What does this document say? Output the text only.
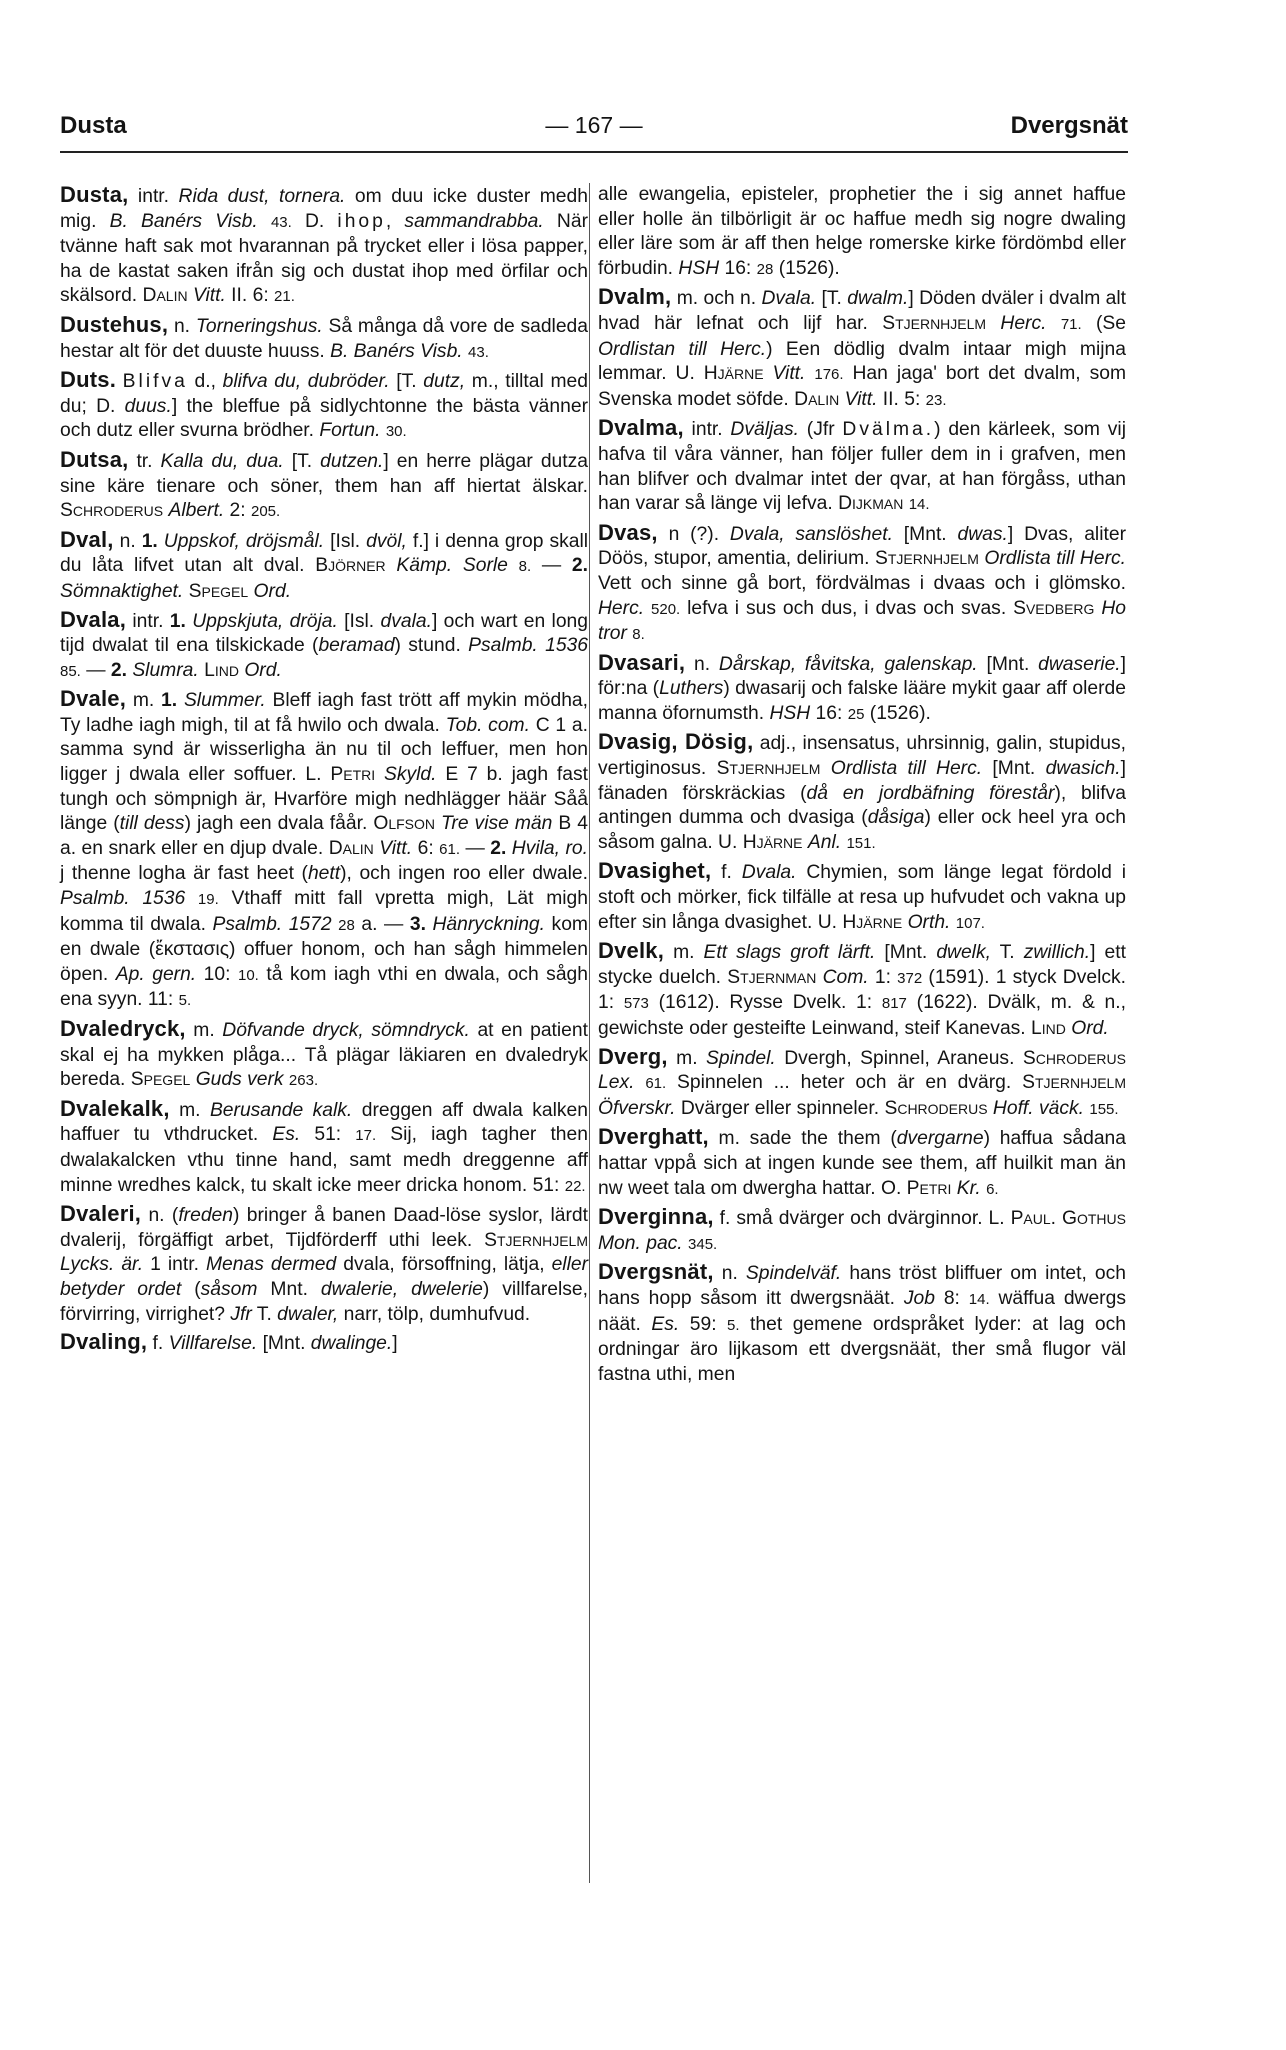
Dusta	— 167 —	Dvergsnät

Dusta, intr. Rida dust, tornera. om duu icke duster medh mig. B. Banérs Visb. 43. D. ihop, sammandrabba. När tvänne haft sak mot hvarannan på trycket eller i lösa papper, ha de kastat saken ifrån sig och dustat ihop med örfilar och skälsord. Dalin Vitt. II. 6: 21.

Dustehus, n. Torneringshus. Så många då vore de sadleda hestar alt för det duuste huuss. B. Banérs Visb. 43.

Duts. Blifva d., blifva du, dubröder. [T. dutz, m., tilltal med du; D. duus.] the bleffue på sidlychtonne the bästa vänner och dutz eller svurna brödher. Fortun. 30.

Dutsa, tr. Kalla du, dua. [T. dutzen.] en herre plägar dutza sine käre tienare och söner, them han aff hiertat älskar. Schroderus Albert. 2: 205.

Dval, n. 1. Uppskof, dröjsmål. [Isl. dvöl, f.] i denna grop skall du låta lifvet utan alt dval. Björner Kämp. Sorle 8. — 2. Sömnaktighet. Spegel Ord.

Dvala, intr. 1. Uppskjuta, dröja. [Isl. dvala.] och wart en long tijd dwalat til ena tilskickade (beramad) stund. Psalmb. 1536 85. — 2. Slumra. Lind Ord.

Dvale, m. 1. Slummer. Bleff iagh fast trött aff mykin mödha, Ty ladhe iagh migh, til at få hwilo och dwala. Tob. com. C 1 a. samma synd är wisserligha än nu til och leffuer, men hon ligger j dwala eller soffuer. L. Petri Skyld. E 7 b. jagh fast tungh och sömpnigh är, Hvarföre migh nedhlägger häär Såå länge (till dess) jagh een dvala fåår. Olfson Tre vise män B 4 a. en snark eller en djup dvale. Dalin Vitt. 6: 61. — 2. Hvila, ro. j thenne logha är fast heet (hett), och ingen roo eller dwale. Psalmb. 1536 19. Vthaff mitt fall vpretta migh, Lät migh komma til dwala. Psalmb. 1572 28 a. — 3. Hänryckning. kom en dwale (ἔκστασις) offuer honom, och han sågh himmelen öpen. Ap. gern. 10: 10. tå kom iagh vthi en dwala, och sågh ena syyn. 11: 5.

Dvaledryck, m. Döfvande dryck, sömndryck. at en patient skal ej ha mykken plåga... Tå plägar läkiaren en dvaledryk bereda. Spegel Guds verk 263.

Dvalekalk, m. Berusande kalk. dreggen aff dwala kalken haffuer tu vthdrucket. Es. 51: 17. Sij, iagh tagher then dwalakalcken vthu tinne hand, samt medh dreggenne aff minne wredhes kalck, tu skalt icke meer dricka honom. 51: 22.

Dvaleri, n. (freden) bringer å banen Daad-löse syslor, lärdt dvalerij, förgäffigt arbet, Tijdförderff uthi leek. Stjernhjelm Lycks. är. 1 intr. Menas dermed dvala, försoffning, lätja, eller betyder ordet (såsom Mnt. dwalerie, dwelerie) villfarelse, förvirring, virrighet? Jfr T. dwaler, narr, tölp, dumhufvud.

Dvaling, f. Villfarelse. [Mnt. dwalinge.]

alle ewangelia, episteler, prophetier the i sig annet haffue eller holle än tilbörligit är oc haffue medh sig nogre dwaling eller läre som är aff then helge romerske kirke fördömbd eller förbudin. HSH 16: 28 (1526).

Dvalm, m. och n. Dvala. [T. dwalm.] Döden dväler i dvalm alt hvad här lefnat och lijf har. Stjernhjelm Herc. 71. (Se Ordlistan till Herc.) Een dödlig dvalm intaar migh mijna lemmar. U. Hjärne Vitt. 176. Han jaga' bort det dvalm, som Svenska modet söfde. Dalin Vitt. II. 5: 23.

Dvalma, intr. Dväljas. (Jfr Dvälma.) den kärleek, som vij hafva til våra vänner, han följer fuller dem in i grafven, men han blifver och dvalmar intet der qvar, at han förgåss, uthan han varar så länge vij lefva. Dijkman 14.

Dvas, n (?). Dvala, sanslöshet. [Mnt. dwas.] Dvas, aliter Döös, stupor, amentia, delirium. Stjernhjelm Ordlista till Herc. Vett och sinne gå bort, fördvälmas i dvaas och i glömsko. Herc. 520. lefva i sus och dus, i dvas och svas. Svedberg Ho tror 8.

Dvasari, n. Dårskap, fåvitska, galenskap. [Mnt. dwaserie.] för:na (Luthers) dwasarij och falske lääre mykit gaar aff olerde manna öfornumsth. HSH 16: 25 (1526).

Dvasig, Dösig, adj., insensatus, uhrsinnig, galin, stupidus, vertiginosus. Stjernhjelm Ordlista till Herc. [Mnt. dwasich.] fänaden förskräckias (då en jordbäfning förestår), blifva antingen dumma och dvasiga (dåsiga) eller ock heel yra och såsom galna. U. Hjärne Anl. 151.

Dvasighet, f. Dvala. Chymien, som länge legat fördold i stoft och mörker, fick tilfälle at resa up hufvudet och vakna up efter sin långa dvasighet. U. Hjärne Orth. 107.

Dvelk, m. Ett slags groft lärft. [Mnt. dwelk, T. zwillich.] ett stycke duelch. Stjernman Com. 1: 372 (1591). 1 styck Dvelck. 1: 573 (1612). Rysse Dvelk. 1: 817 (1622). Dvälk, m. & n., gewichste oder gesteifte Leinwand, steif Kanevas. Lind Ord.

Dverg, m. Spindel. Dvergh, Spinnel, Araneus. Schroderus Lex. 61. Spinnelen ... heter och är en dvärg. Stjernhjelm Öfverskr. Dvärger eller spinneler. Schroderus Hoff. väck. 155.

Dverghatt, m. sade the them (dvergarne) haffua sådana hattar vppå sich at ingen kunde see them, aff huilkit man än nw weet tala om dwergha hattar. O. Petri Kr. 6.

Dverginna, f. små dvärger och dvärginnor. L. Paul. Gothus Mon. pac. 345.

Dvergsnät, n. Spindelväf. hans tröst bliffuer om intet, och hans hopp såsom itt dwergsnäät. Job 8: 14. wäffua dwergs näät. Es. 59: 5. thet gemene ordspråket lyder: at lag och ordningar äro lijkasom ett dvergsnäät, ther små flugor väl fastna uthi, men
